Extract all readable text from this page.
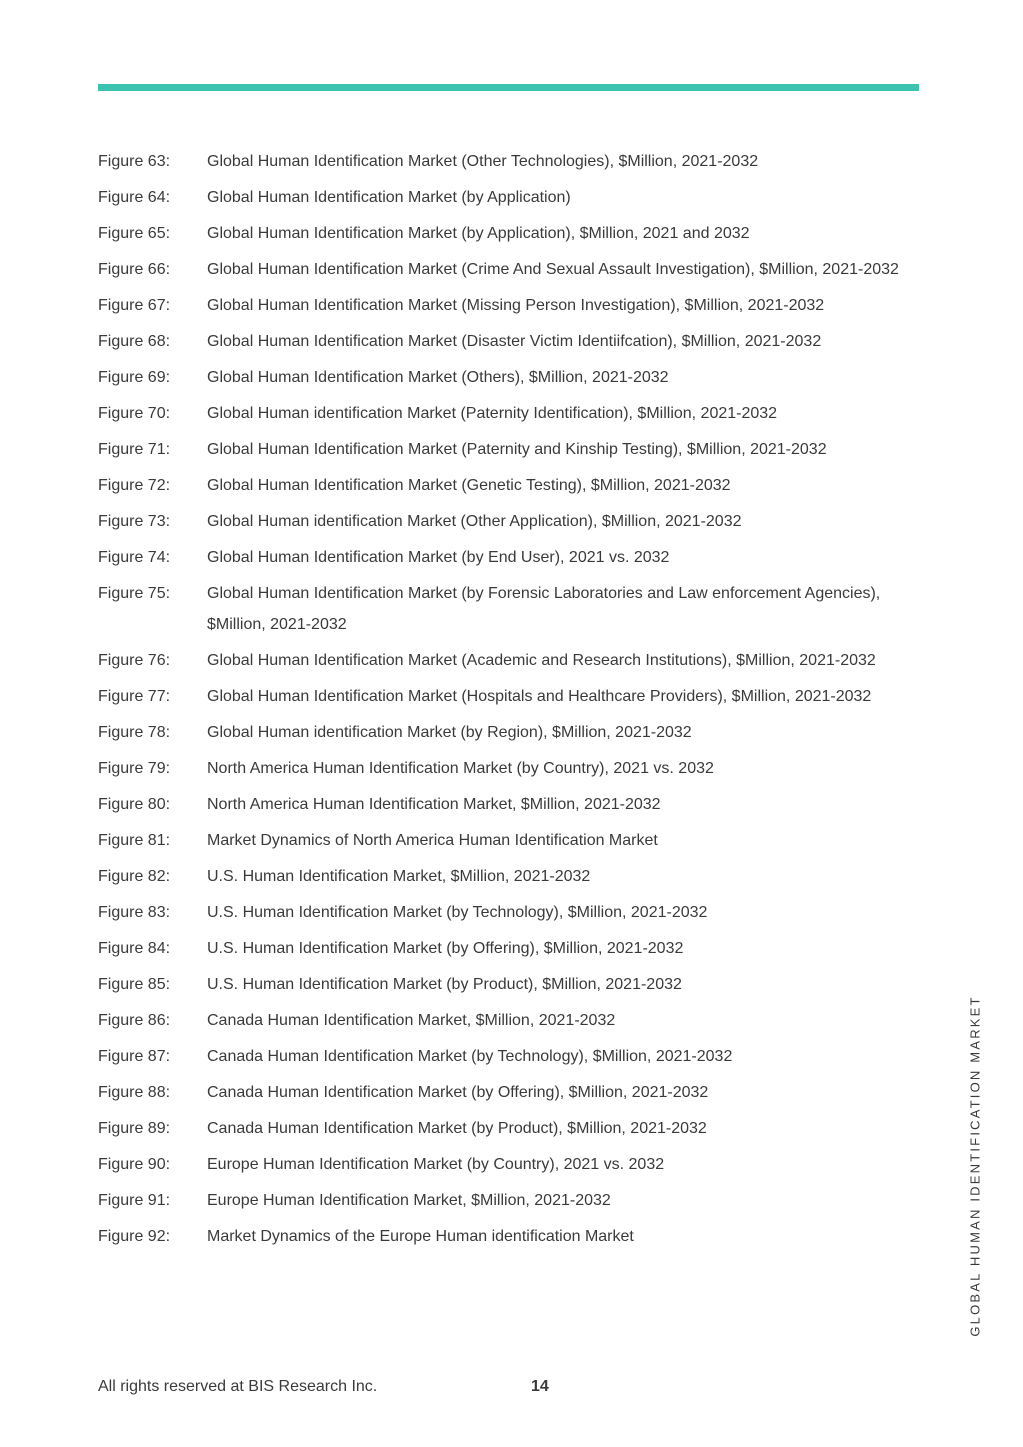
Figure 63:	Global Human Identification Market (Other Technologies), $Million, 2021-2032
Figure 64:	Global Human Identification Market (by Application)
Figure 65:	Global Human Identification Market (by Application), $Million, 2021 and 2032
Figure 66:	Global Human Identification Market (Crime And Sexual Assault Investigation), $Million, 2021-2032
Figure 67:	Global Human Identification Market (Missing Person Investigation), $Million, 2021-2032
Figure 68:	Global Human Identification Market (Disaster Victim Identiifcation), $Million, 2021-2032
Figure 69:	Global Human Identification Market (Others), $Million, 2021-2032
Figure 70:	Global Human identification Market (Paternity Identification), $Million, 2021-2032
Figure 71:	Global Human Identification Market (Paternity and Kinship Testing), $Million, 2021-2032
Figure 72:	Global Human Identification Market (Genetic Testing), $Million, 2021-2032
Figure 73:	Global Human identification Market (Other Application), $Million, 2021-2032
Figure 74:	Global Human Identification Market (by End User), 2021 vs. 2032
Figure 75:	Global Human Identification Market (by Forensic Laboratories and Law enforcement Agencies), $Million, 2021-2032
Figure 76:	Global Human Identification Market (Academic and Research Institutions), $Million, 2021-2032
Figure 77:	Global Human Identification Market (Hospitals and Healthcare Providers), $Million, 2021-2032
Figure 78:	Global Human identification Market (by Region), $Million, 2021-2032
Figure 79:	North America Human Identification Market (by Country), 2021 vs. 2032
Figure 80:	North America Human Identification Market, $Million, 2021-2032
Figure 81:	Market Dynamics of North America Human Identification Market
Figure 82:	U.S. Human Identification Market, $Million, 2021-2032
Figure 83:	U.S. Human Identification Market (by Technology), $Million, 2021-2032
Figure 84:	U.S. Human Identification Market (by Offering), $Million, 2021-2032
Figure 85:	U.S. Human Identification Market (by Product), $Million, 2021-2032
Figure 86:	Canada Human Identification Market, $Million, 2021-2032
Figure 87:	Canada Human Identification Market (by Technology), $Million, 2021-2032
Figure 88:	Canada Human Identification Market (by Offering), $Million, 2021-2032
Figure 89:	Canada Human Identification Market (by Product), $Million, 2021-2032
Figure 90:	Europe Human Identification Market (by Country), 2021 vs. 2032
Figure 91:	Europe Human Identification Market, $Million, 2021-2032
Figure 92:	Market Dynamics of the Europe Human identification Market	GLOBAL HUMAN IDENTIFICATION MARKET
All rights reserved at BIS Research Inc.	14
